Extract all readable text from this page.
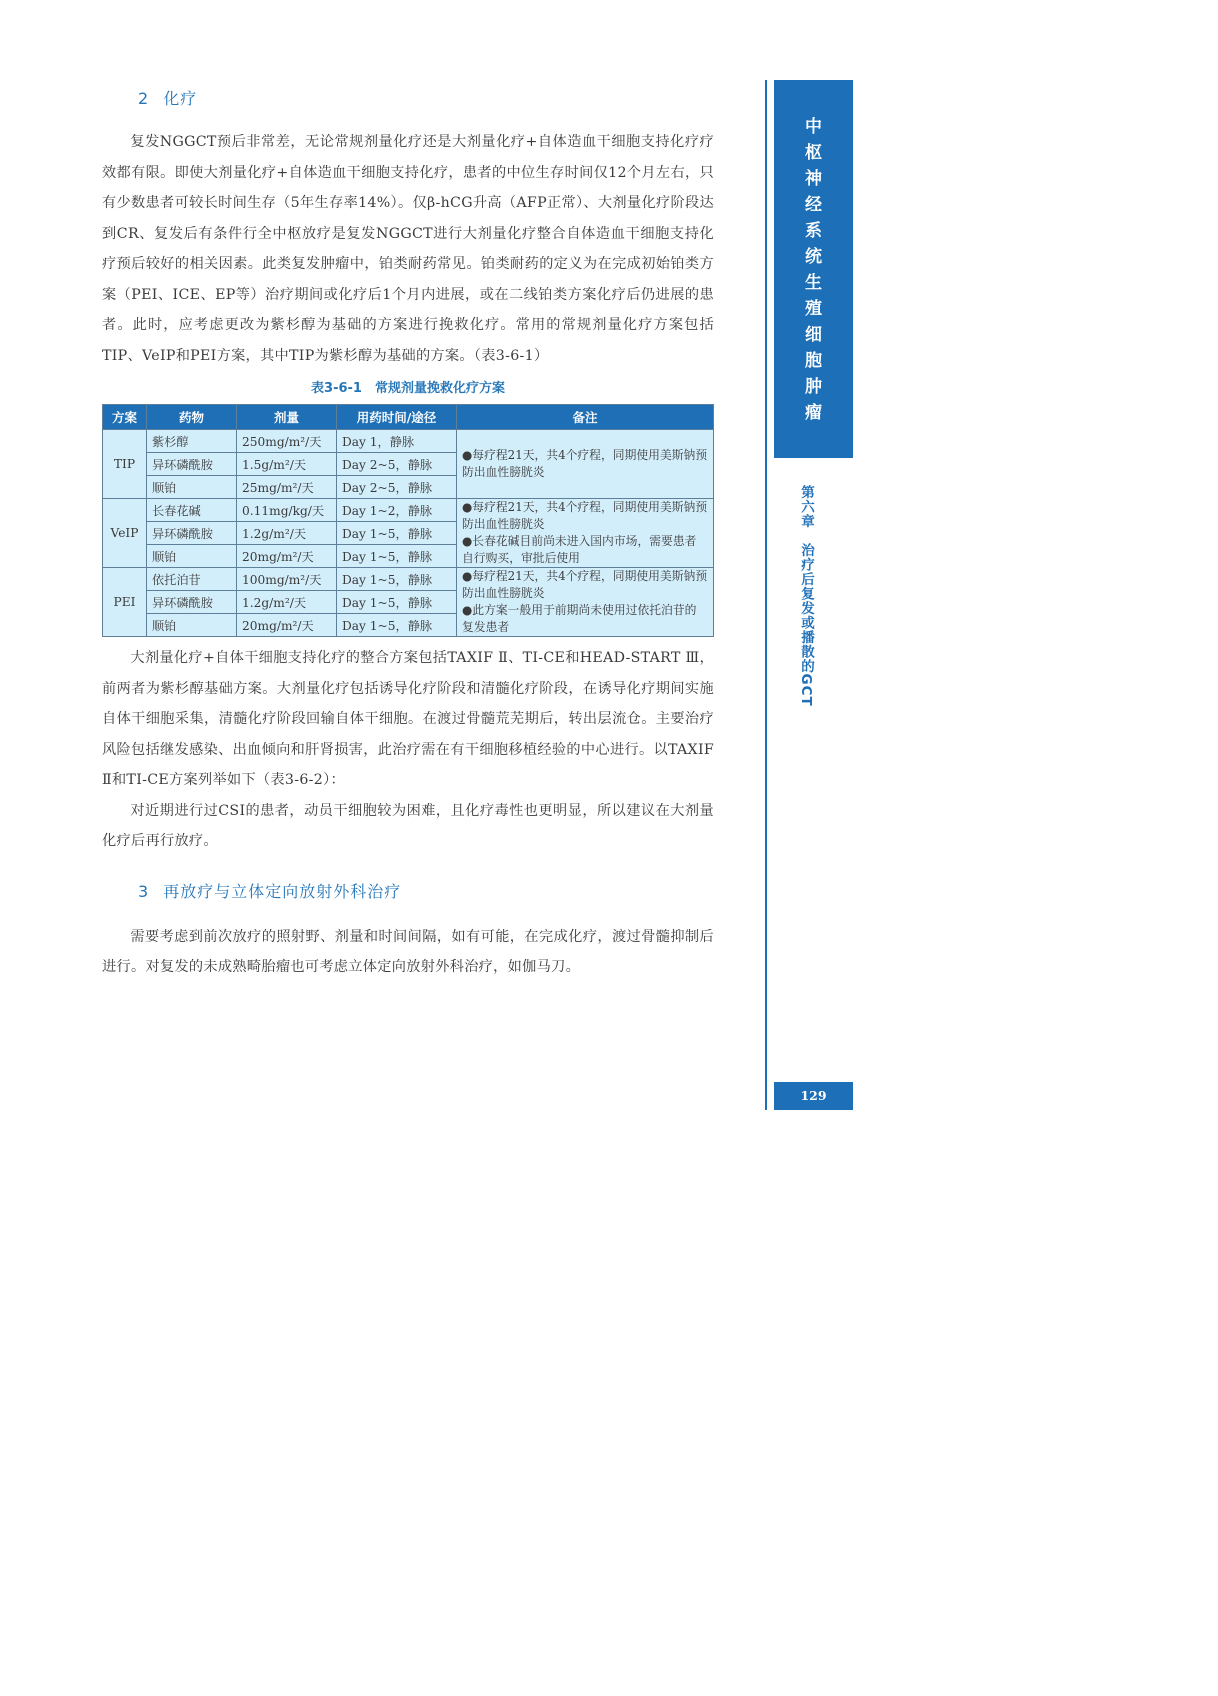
2 化疗

复发NGGCT预后非常差，无论常规剂量化疗还是大剂量化疗+自体造血干细胞支持化疗疗效都有限。即使大剂量化疗+自体造血干细胞支持化疗，患者的中位生存时间仅12个月左右，只有少数患者可较长时间生存（5年生存率14%）。仅β-hCG升高（AFP正常）、大剂量化疗阶段达到CR、复发后有条件行全中枢放疗是复发NGGCT进行大剂量化疗整合自体造血干细胞支持化疗预后较好的相关因素。此类复发肿瘤中，铂类耐药常见。铂类耐药的定义为在完成初始铂类方案（PEI、ICE、EP等）治疗期间或化疗后1个月内进展，或在二线铂类方案化疗后仍进展的患者。此时，应考虑更改为紫杉醇为基础的方案进行挽救化疗。常用的常规剂量化疗方案包括TIP、VeIP和PEI方案，其中TIP为紫杉醇为基础的方案。（表3-6-1）

表3-6-1　常规剂量挽救化疗方案
方案	药物	剂量	用药时间/途径	备注
TIP	紫杉醇	250mg/m²/天	Day 1，静脉	●每疗程21天，共4个疗程，同期使用美斯钠预防出血性膀胱炎

	异环磷酰胺	1.5g/m²/天	Day 2~5，静脉	
	顺铂	25mg/m²/天	Day 2~5，静脉	
VeIP	长春花碱	0.11mg/kg/天	Day 1~2，静脉	●每疗程21天，共4个疗程，同期使用美斯钠预防出血性膀胱炎
●长春花碱目前尚未进入国内市场，需要患者自行购买，审批后使用

	异环磷酰胺	1.2g/m²/天	Day 1~5，静脉	
	顺铂	20mg/m²/天	Day 1~5，静脉	
PEI	依托泊苷	100mg/m²/天	Day 1~5，静脉	●每疗程21天，共4个疗程，同期使用美斯钠预防出血性膀胱炎
●此方案一般用于前期尚未使用过依托泊苷的复发患者

	异环磷酰胺	1.2g/m²/天	Day 1~5，静脉	
	顺铂	20mg/m²/天	Day 1~5，静脉	

大剂量化疗+自体干细胞支持化疗的整合方案包括TAXIF Ⅱ、TI-CE和HEAD-START Ⅲ，前两者为紫杉醇基础方案。大剂量化疗包括诱导化疗阶段和清髓化疗阶段，在诱导化疗期间实施自体干细胞采集，清髓化疗阶段回输自体干细胞。在渡过骨髓荒芜期后，转出层流仓。主要治疗风险包括继发感染、出血倾向和肝肾损害，此治疗需在有干细胞移植经验的中心进行。以TAXIF Ⅱ和TI-CE方案列举如下（表3-6-2）：

对近期进行过CSI的患者，动员干细胞较为困难，且化疗毒性也更明显，所以建议在大剂量化疗后再行放疗。

3 再放疗与立体定向放射外科治疗

需要考虑到前次放疗的照射野、剂量和时间间隔，如有可能，在完成化疗，渡过骨髓抑制后进行。对复发的未成熟畸胎瘤也可考虑立体定向放射外科治疗，如伽马刀。

中
枢
神
经
系
统
生
殖
细
胞
肿
瘤
第六章　治疗后复发或播散的GCT
129
